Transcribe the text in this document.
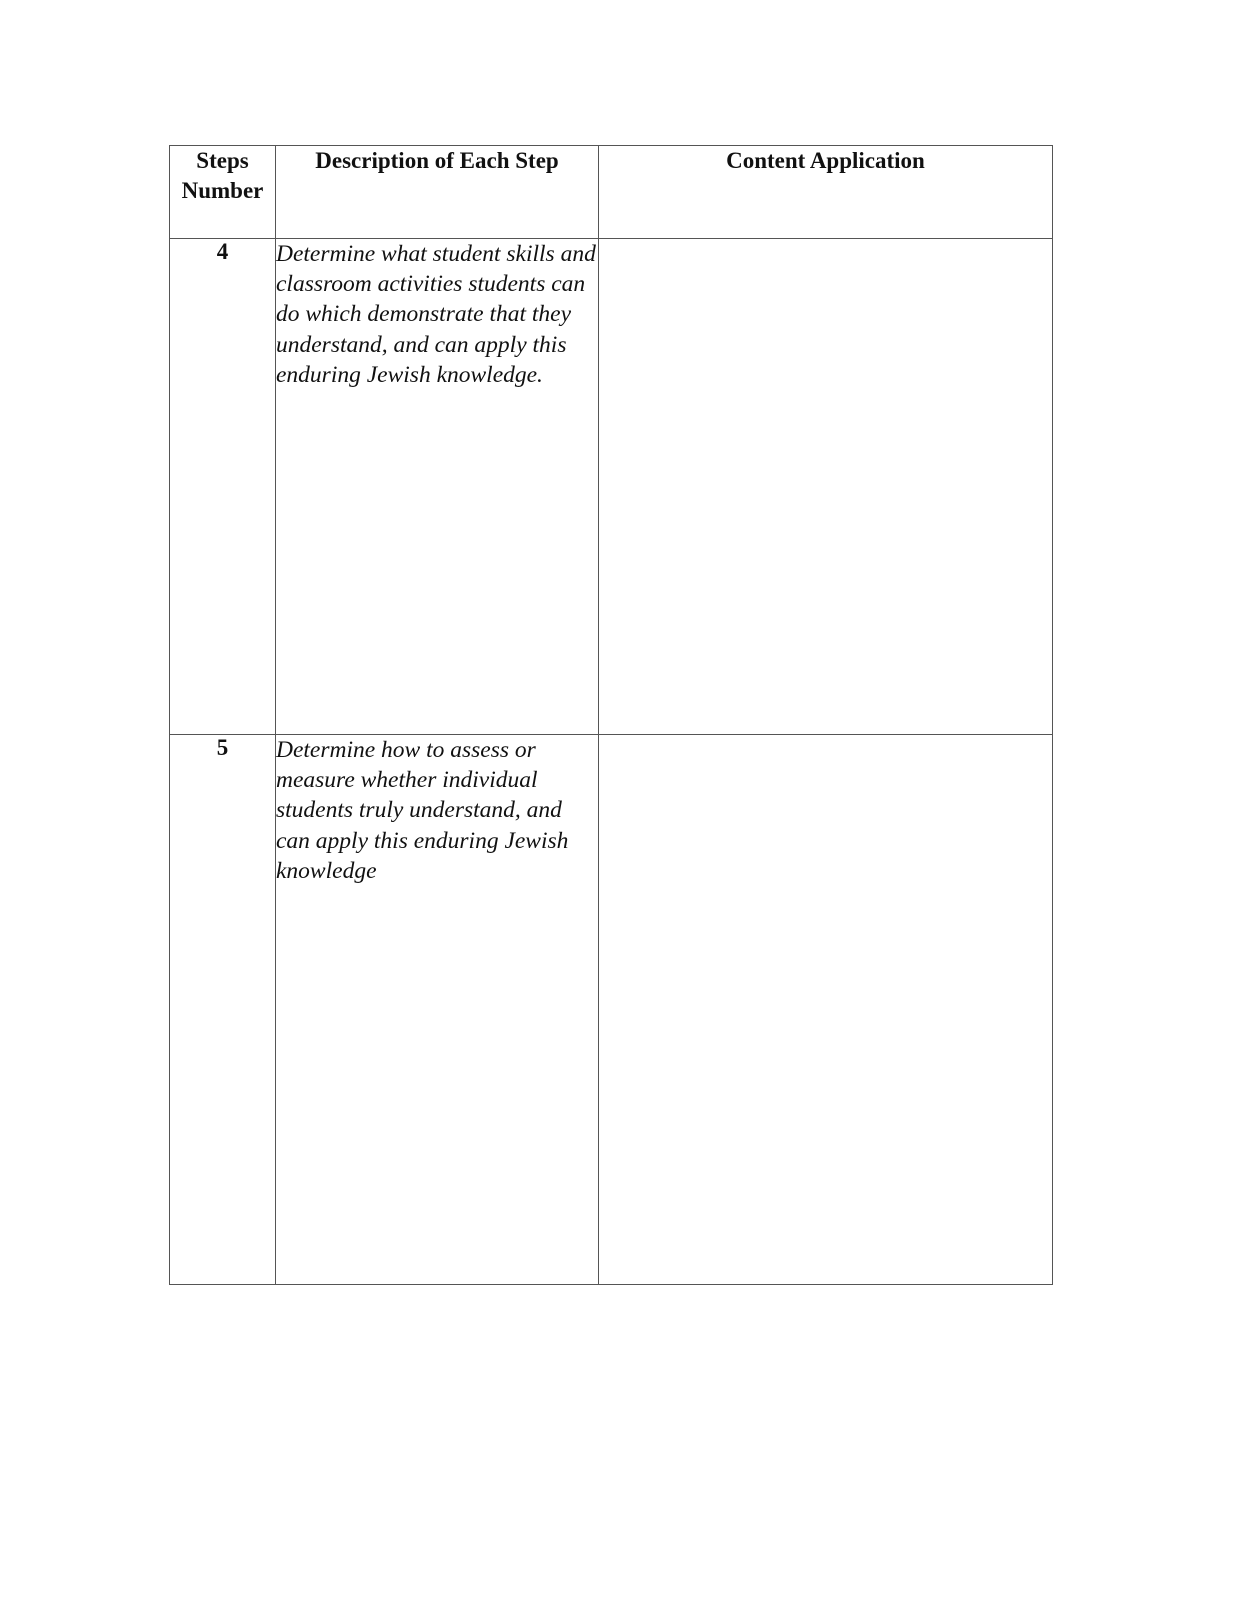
Steps Number	Description of Each Step	Content Application
4	Determine what student skills and classroom activities students can do which demonstrate that they understand, and can apply this enduring Jewish knowledge.	
5	Determine how to assess or measure whether individual students truly understand, and can apply this enduring Jewish knowledge	
